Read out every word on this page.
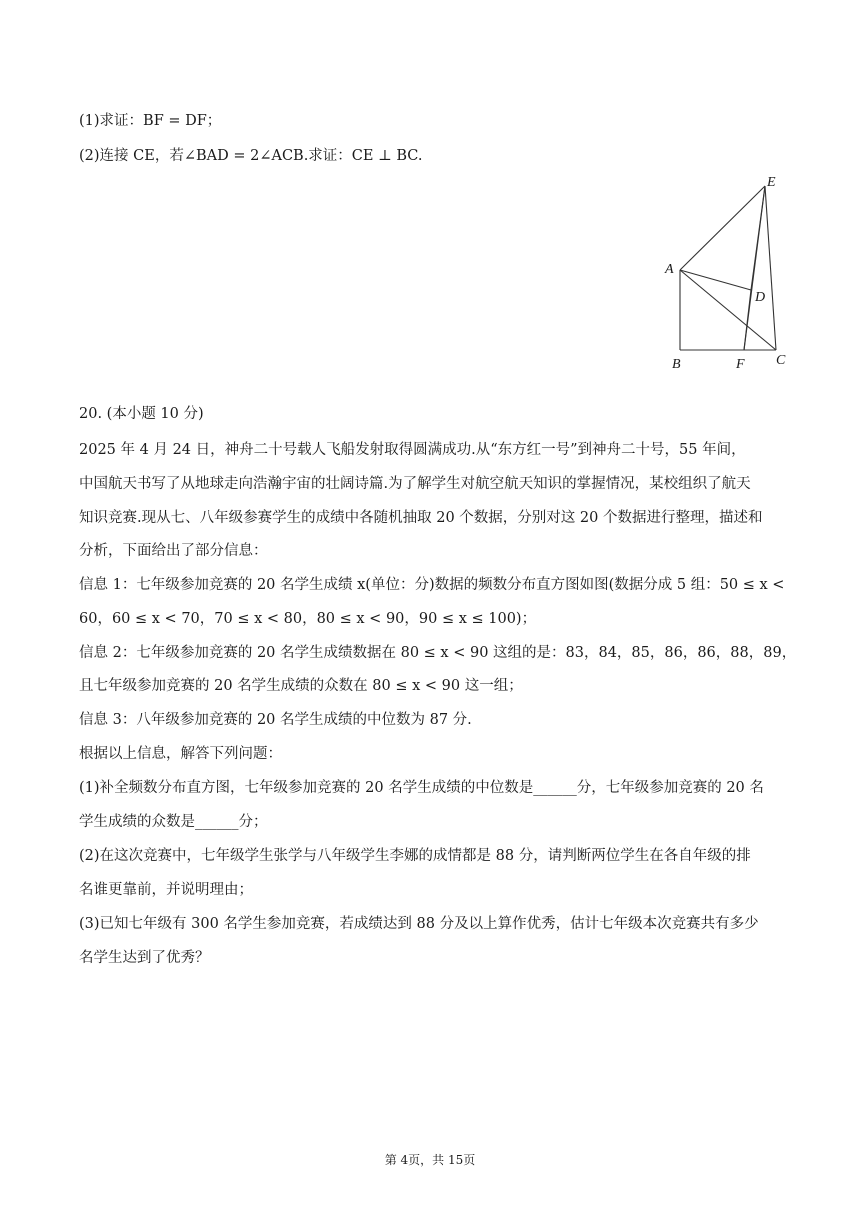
(1)求证：BF = DF；
(2)连接 CE，若∠BAD = 2∠ACB.求证：CE ⊥ BC.
A
B	C
D
E
F
20. (本小题 10 分)
2025 年 4 月 24 日，神舟二十号载人飞船发射取得圆满成功.从“东方红一号”到神舟二十号，55 年间，
中国航天书写了从地球走向浩瀚宇宙的壮阔诗篇.为了解学生对航空航天知识的掌握情况，某校组织了航天
知识竞赛.现从七、八年级参赛学生的成绩中各随机抽取 20 个数据，分别对这 20 个数据进行整理，描述和
分析，下面给出了部分信息：
信息 1：七年级参加竞赛的 20 名学生成绩 x(单位：分)数据的频数分布直方图如图(数据分成 5 组：50 ≤ x <
60，60 ≤ x < 70，70 ≤ x < 80，80 ≤ x < 90，90 ≤ x ≤ 100)；
信息 2：七年级参加竞赛的 20 名学生成绩数据在 80 ≤ x < 90 这组的是：83，84，85，86，86，88，89，
且七年级参加竞赛的 20 名学生成绩的众数在 80 ≤ x < 90 这一组；
信息 3：八年级参加竞赛的 20 名学生成绩的中位数为 87 分.
根据以上信息，解答下列问题：
(1)补全频数分布直方图，七年级参加竞赛的 20 名学生成绩的中位数是______分，七年级参加竞赛的 20 名
学生成绩的众数是______分；
(2)在这次竞赛中，七年级学生张学与八年级学生李娜的成情都是 88 分，请判断两位学生在各自年级的排
名谁更靠前，并说明理由；
(3)已知七年级有 300 名学生参加竞赛，若成绩达到 88 分及以上算作优秀，估计七年级本次竞赛共有多少
名学生达到了优秀？
第 4页，共 15页
